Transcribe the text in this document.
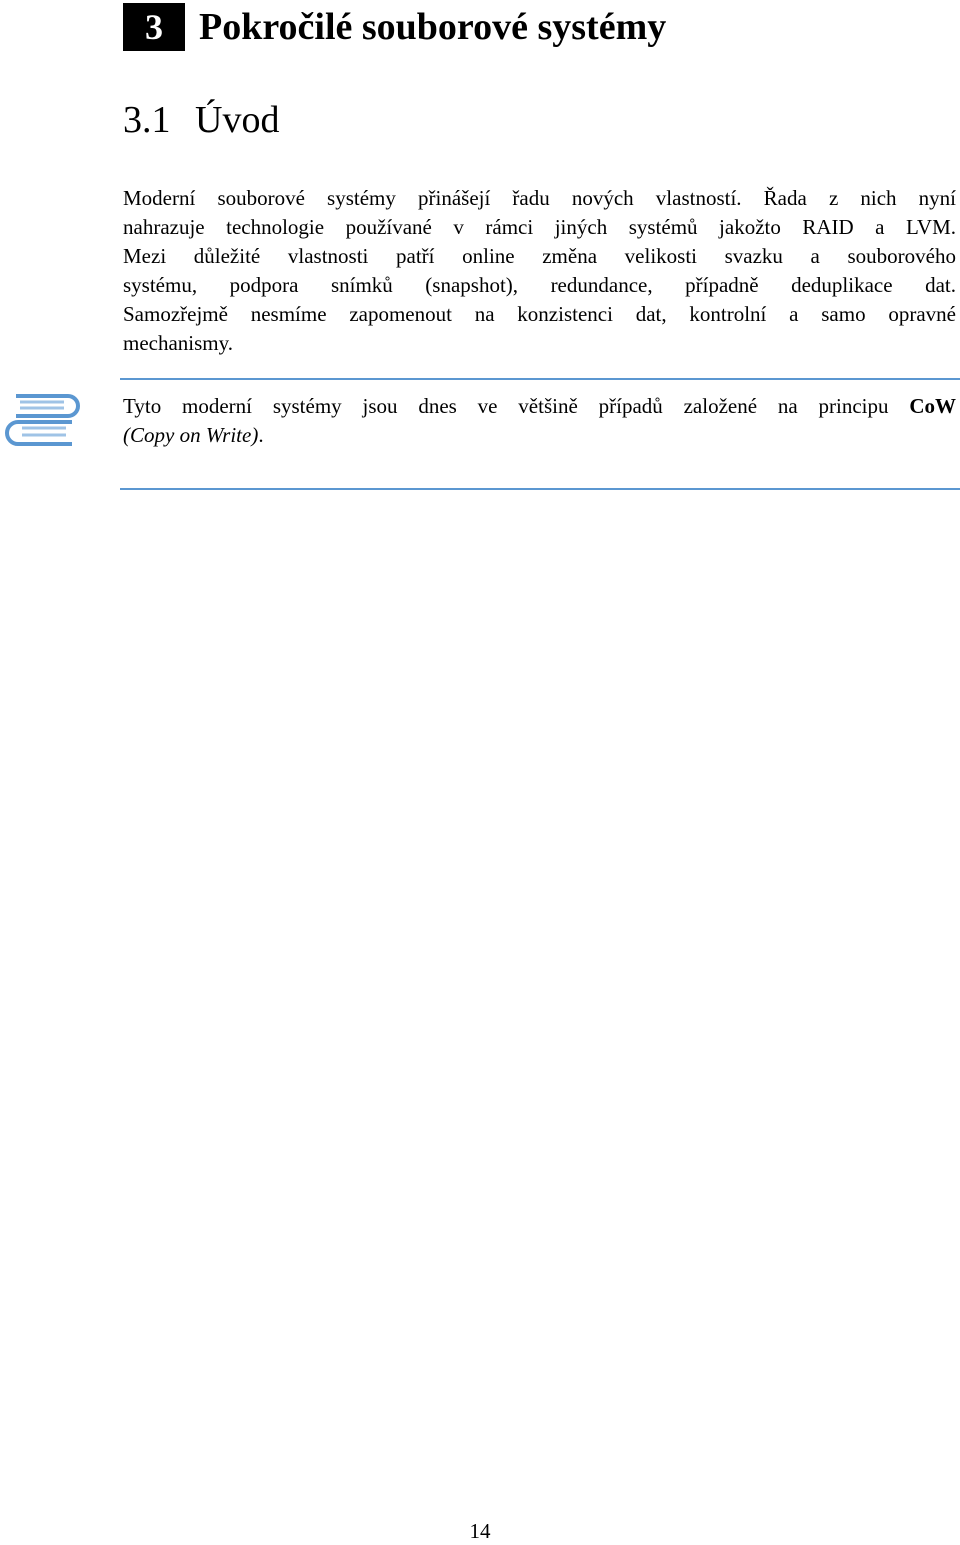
3 Pokročilé souborové systémy
3.1 Úvod

Moderní souborové systémy přinášejí řadu nových vlastností. Řada z nich nyní
nahrazuje technologie používané v rámci jiných systémů jakožto RAID a LVM.
Mezi důležité vlastnosti patří online změna velikosti svazku a souborového
systému, podpora snímků (snapshot), redundance, případně deduplikace dat.
Samozřejmě nesmíme zapomenout na konzistenci dat, kontrolní a samo opravné
mechanismy.

Tyto moderní systémy jsou dnes ve většině případů založené na principu CoW
(Copy on Write).

14
